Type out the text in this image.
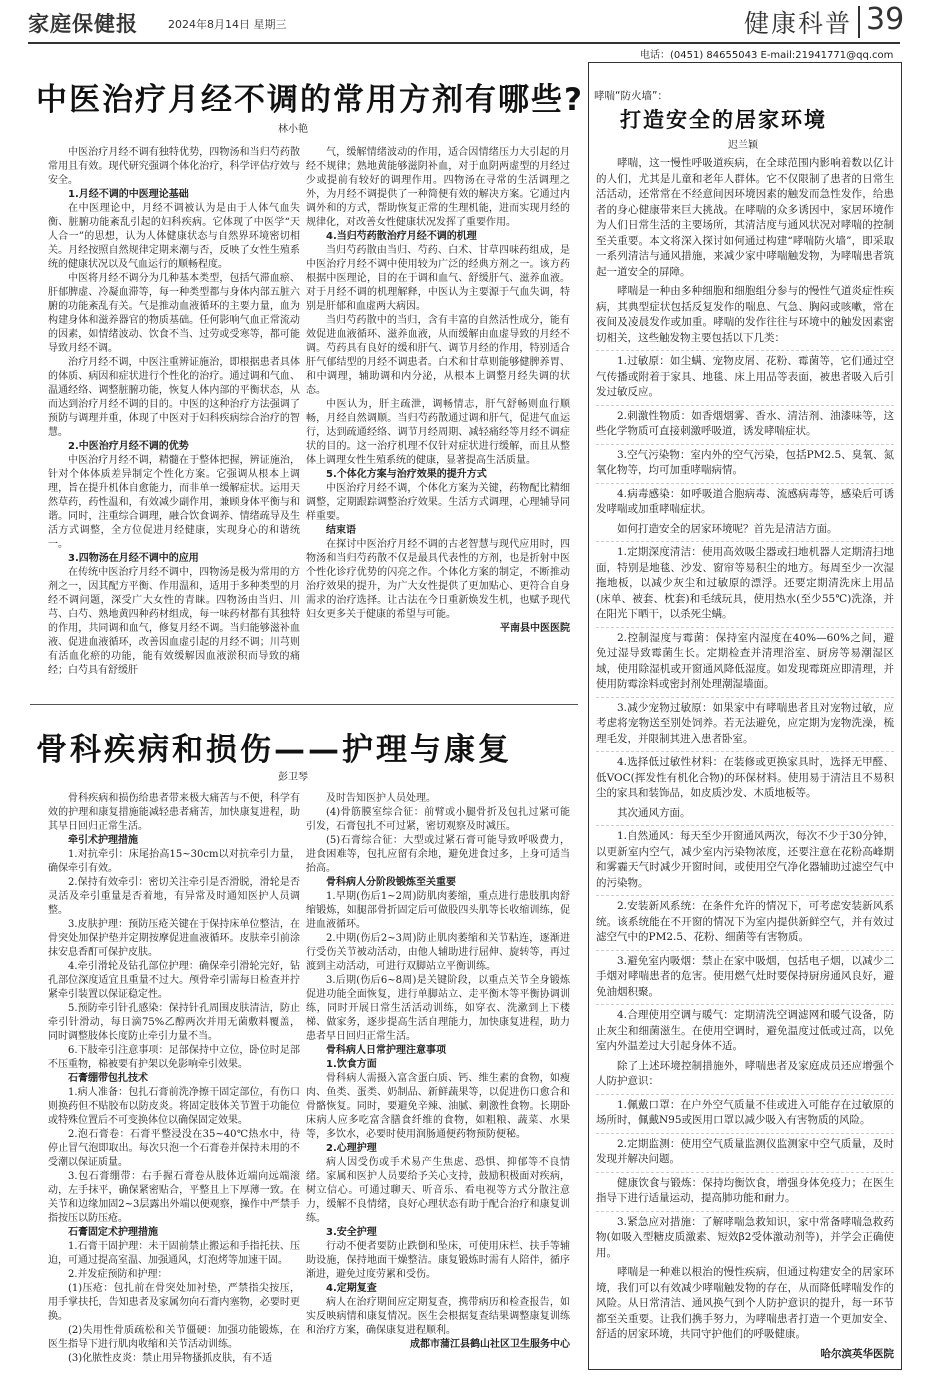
家庭保健报	2024年8月14日 星期三	健康科普 39
电话：(0451) 84655043 E-mail:21941771@qq.com
中医治疗月经不调的常用方剂有哪些?
林小艳

中医治疗月经不调有独特优势，四物汤和当归芍药散常用且有效。现代研究强调个体化治疗，科学评估疗效与安全。

1.月经不调的中医理论基础

在中医理论中，月经不调被认为是由于人体气血失衡、脏腑功能紊乱引起的妇科疾病。它体现了中医学“天人合一”的思想，认为人体健康状态与自然界环境密切相关。月经按照自然规律定期来潮与否，反映了女性生殖系统的健康状况以及气血运行的顺畅程度。

中医将月经不调分为几种基本类型，包括气滞血瘀、肝郁脾虚、冷凝血滞等，每一种类型都与身体内部五脏六腑的功能紊乱有关。气是推动血液循环的主要力量，血为构建身体和滋养器官的物质基础。任何影响气血正常流动的因素，如情绪波动、饮食不当、过劳或受寒等，都可能导致月经不调。

治疗月经不调，中医注重辨证施治，即根据患者具体的体质、病因和症状进行个性化的治疗。通过调和气血、温通经络、调整脏腑功能，恢复人体内部的平衡状态，从而达到治疗月经不调的目的。中医的这种治疗方法强调了预防与调理并重，体现了中医对于妇科疾病综合治疗的智慧。

2.中医治疗月经不调的优势

中医治疗月经不调，精髓在于整体把握，辨证施治，针对个体体质差异制定个性化方案。它强调从根本上调理，旨在提升机体自愈能力，而非单一缓解症状。运用天然草药，药性温和，有效减少副作用，兼顾身体平衡与和谐。同时，注重综合调理，融合饮食调养、情绪疏导及生活方式调整，全方位促进月经健康，实现身心的和谐统一。

3.四物汤在月经不调中的应用

在传统中医治疗月经不调中，四物汤是极为常用的方剂之一，因其配方平衡、作用温和，适用于多种类型的月经不调问题，深受广大女性的青睐。四物汤由当归、川芎、白芍、熟地黄四种药材组成，每一味药材都有其独特的作用，共同调和血气，修复月经不调。当归能够滋补血液、促进血液循环，改善因血虚引起的月经不调；川芎则有活血化瘀的功能，能有效缓解因血液淤积而导致的痛经；白芍具有舒缓肝

气，缓解情绪波动的作用，适合因情绪压力大引起的月经不规律；熟地黄能够滋阴补血，对于血阴两虚型的月经过少或提前有较好的调理作用。四物汤在寻常的生活调理之外，为月经不调提供了一种简便有效的解决方案。它通过内调外和的方式，帮助恢复正常的生理机能，进而实现月经的规律化，对改善女性健康状况发挥了重要作用。

4.当归芍药散治疗月经不调的机理

当归芍药散由当归、芍药、白术、甘草四味药组成，是中医治疗月经不调中使用较为广泛的经典方剂之一。该方药根据中医理论，目的在于调和血气、舒缓肝气、滋养血液。对于月经不调的机理解释，中医认为主要源于气血失调，特别是肝郁和血虚两大病因。

当归芍药散中的当归，含有丰富的自然活性成分，能有效促进血液循环、滋养血液，从而缓解由血虚导致的月经不调。芍药具有良好的缓和肝气、调节月经的作用，特别适合肝气郁结型的月经不调患者。白术和甘草则能够健脾养胃、和中调理，辅助调和内分泌，从根本上调整月经失调的状态。

中医认为，肝主疏泄，调畅情志，肝气舒畅则血行顺畅，月经自然调顺。当归芍药散通过调和肝气，促进气血运行，达到疏通经络、调节月经周期、减轻痛经等月经不调症状的目的。这一治疗机理不仅针对症状进行缓解，而且从整体上调理女性生殖系统的健康，显著提高生活质量。

5.个体化方案与治疗效果的提升方式

中医治疗月经不调，个体化方案为关键，药物配比精细调整，定期跟踪调整治疗效果。生活方式调理，心理辅导同样重要。

结束语

在探讨中医治疗月经不调的古老智慧与现代应用时，四物汤和当归芍药散不仅是最具代表性的方剂，也是折射中医个性化诊疗优势的闪亮之作。个体化方案的制定，不断推动治疗效果的提升，为广大女性提供了更加贴心、更符合自身需求的治疗选择。让古法在今日重新焕发生机，也赋予现代妇女更多关于健康的希望与可能。

平南县中医医院

骨科疾病和损伤——护理与康复
彭卫琴

骨科疾病和损伤给患者带来极大痛苦与不便，科学有效的护理和康复措施能减轻患者痛苦，加快康复进程，助其早日回归正常生活。

牵引术护理措施

1.对抗牵引：床尾抬高15~30cm以对抗牵引力量，确保牵引有效。

2.保持有效牵引：密切关注牵引是否滑脱，滑轮是否灵活及牵引重量是否着地，有异常及时通知医护人员调整。

3.皮肤护理：预防压疮关键在于保持床单位整洁，在骨突处加保护垫并定期按摩促进血液循环。皮肤牵引前涂抹安息香酊可保护皮肤。

4.牵引滑轮及钻孔部位护理：确保牵引滑轮完好，钻孔部位深度适宜且重量不过大。颅骨牵引需每日检查并拧紧牵引装置以保证稳定性。

5.预防牵引针孔感染：保持针孔周围皮肤清洁，防止牵引针滑动，每日滴75%乙醇两次并用无菌敷料覆盖，同时调整肢体长度防止牵引力量不当。

6.下肢牵引注意事项：足部保持中立位，卧位时足部不压重物，棉被要有护架以免影响牵引效果。

石膏绷带包扎技术

1.病人准备：包扎石膏前洗净擦干固定部位，有伤口则换药但不贴胶布以防皮炎。将固定肢体关节置于功能位或特殊位置后不可变换体位以确保固定效果。

2.泡石膏卷：石膏平整浸没在35~40℃热水中，待停止冒气泡即取出。每次只泡一个石膏卷并保持未用的不受潮以保证质量。

3.包石膏绷带：右手握石膏卷从肢体近端向远端滚动，左手抹平，确保紧密贴合，平整且上下厚薄一致。在关节和边缘加固2~3层露出外端以便观察，操作中严禁手指按压以防压疮。

石膏固定术护理措施

1.石膏干固护理：未干固前禁止搬运和手指托扶、压迫，可通过提高室温、加强通风，灯泡烤等加速干固。

2.并发症预防和护理：

(1)压疮：包扎前在骨突处加衬垫，严禁指尖按压，用手掌扶托，告知患者及家属勿向石膏内塞物，必要时更换。

(2)失用性骨质疏松和关节僵硬：加强功能锻炼，在医生指导下进行肌肉收缩和关节活动训练。

(3)化脓性皮炎：禁止用异物搔抓皮肤，有不适

及时告知医护人员处理。

(4)骨筋膜室综合征：前臂或小腿骨折及包扎过紧可能引发，石膏包扎不可过紧，密切观察及时减压。

(5)石膏综合征：大型或过紧石膏可能导致呼吸费力，进食困难等，包扎应留有余地，避免进食过多，上身可适当抬高。

骨科病人分阶段锻炼至关重要

1.早期(伤后1~2周)防肌肉萎缩，重点进行患肢肌肉舒缩锻炼，如腿部骨折固定后可做股四头肌等长收缩训练，促进血液循环。

2.中期(伤后2~3周)防止肌肉萎缩和关节粘连，逐渐进行受伤关节被动活动，由他人辅助进行屈伸、旋转等，再过渡到主动活动，可进行双脚站立平衡训练。

3.后期(伤后6~8周)是关键阶段，以重点关节全身锻炼促进功能全面恢复，进行单脚站立、走平衡木等平衡协调训练，同时开展日常生活活动训练，如穿衣、洗漱到上下楼梯、做家务，逐步提高生活自理能力，加快康复进程，助力患者早日回归正常生活。

骨科病人日常护理注意事项

1.饮食方面

骨科病人需摄入富含蛋白质、钙、维生素的食物，如瘦肉、鱼类、蛋类、奶制品、新鲜蔬果等，以促进伤口愈合和骨骼恢复。同时，要避免辛辣、油腻、刺激性食物。长期卧床病人应多吃富含膳食纤维的食物，如粗粮、蔬菜、水果等，多饮水，必要时使用润肠通便药物预防便秘。

2.心理护理

病人因受伤或手术易产生焦虑、恐惧、抑郁等不良情绪。家属和医护人员要给予关心支持，鼓励积极面对疾病，树立信心。可通过聊天、听音乐、看电视等方式分散注意力，缓解不良情绪，良好心理状态有助于配合治疗和康复训练。

3.安全护理

行动不便者要防止跌倒和坠床，可使用床栏、扶手等辅助设施，保持地面干燥整洁。康复锻炼时需有人陪伴，循序渐进，避免过度劳累和受伤。

4.定期复查

病人在治疗期间应定期复查，携带病历和检查报告，如实反映病情和康复情况。医生会根据复查结果调整康复训练和治疗方案，确保康复进程顺利。

成都市蒲江县鹤山社区卫生服务中心

哮喘“防火墙”：
打造安全的居家环境
迟兰颖

哮喘，这一慢性呼吸道疾病，在全球范围内影响着数以亿计的人们，尤其是儿童和老年人群体。它不仅限制了患者的日常生活活动，还常常在不经意间因环境因素的触发而急性发作，给患者的身心健康带来巨大挑战。在哮喘的众多诱因中，家居环境作为人们日常生活的主要场所，其清洁度与通风状况对哮喘的控制至关重要。本文将深入探讨如何通过构建“哮喘防火墙”，即采取一系列清洁与通风措施，来减少家中哮喘触发物，为哮喘患者筑起一道安全的屏障。

哮喘是一种由多种细胞和细胞组分参与的慢性气道炎症性疾病，其典型症状包括反复发作的喘息、气急、胸闷或咳嗽，常在夜间及凌晨发作或加重。哮喘的发作往往与环境中的触发因素密切相关，这些触发物主要包括以下几类：

1.过敏原：如尘螨、宠物皮屑、花粉、霉菌等，它们通过空气传播或附着于家具、地毯、床上用品等表面，被患者吸入后引发过敏反应。

2.刺激性物质：如香烟烟雾、香水、清洁剂、油漆味等，这些化学物质可直接刺激呼吸道，诱发哮喘症状。

3.空气污染物：室内外的空气污染，包括PM2.5、臭氧、氮氧化物等，均可加重哮喘病情。

4.病毒感染：如呼吸道合胞病毒、流感病毒等，感染后可诱发哮喘或加重哮喘症状。

如何打造安全的居家环境呢？首先是清洁方面。

1.定期深度清洁：使用高效吸尘器或扫地机器人定期清扫地面，特别是地毯、沙发、窗帘等易积尘的地方。每周至少一次湿拖地板，以减少灰尘和过敏原的漂浮。还要定期清洗床上用品(床单、被套、枕套)和毛绒玩具，使用热水(至少55℃)洗涤，并在阳光下晒干，以杀死尘螨。

2.控制湿度与霉菌：保持室内湿度在40%—60%之间，避免过湿导致霉菌生长。定期检查并清理浴室、厨房等易潮湿区域，使用除湿机或开窗通风降低湿度。如发现霉斑应即清理，并使用防霉涂料或密封剂处理潮湿墙面。

3.减少宠物过敏原：如果家中有哮喘患者且对宠物过敏，应考虑将宠物送至别处饲养。若无法避免，应定期为宠物洗澡，梳理毛发，并限制其进入患者卧室。

4.选择低过敏性材料：在装修或更换家具时，选择无甲醛、低VOC(挥发性有机化合物)的环保材料。使用易于清洁且不易积尘的家具和装饰品，如皮质沙发、木质地板等。

其次通风方面。

1.自然通风：每天至少开窗通风两次，每次不少于30分钟，以更新室内空气，减少室内污染物浓度，还要注意在花粉高峰期和雾霾天气时减少开窗时间，或使用空气净化器辅助过滤空气中的污染物。

2.安装新风系统：在条件允许的情况下，可考虑安装新风系统。该系统能在不开窗的情况下为室内提供新鲜空气，并有效过滤空气中的PM2.5、花粉、细菌等有害物质。

3.避免室内吸烟：禁止在家中吸烟，包括电子烟，以减少二手烟对哮喘患者的危害。使用燃气灶时要保持厨房通风良好，避免油烟积聚。

4.合理使用空调与暖气：定期清洗空调滤网和暖气设备，防止灰尘和细菌滋生。在使用空调时，避免温度过低或过高，以免室内外温差过大引起身体不适。

除了上述环境控制措施外，哮喘患者及家庭成员还应增强个人防护意识：

1.佩戴口罩：在户外空气质量不佳或进入可能存在过敏原的场所时，佩戴N95或医用口罩以减少吸入有害物质的风险。

2.定期监测：使用空气质量监测仪监测家中空气质量，及时发现并解决问题。

健康饮食与锻炼：保持均衡饮食，增强身体免疫力；在医生指导下进行适量运动，提高肺功能和耐力。

3.紧急应对措施：了解哮喘急救知识，家中常备哮喘急救药物(如吸入型糖皮质激素、短效β2受体激动剂等)，并学会正确使用。

哮喘是一种难以根治的慢性疾病，但通过构建安全的居家环境，我们可以有效减少哮喘触发物的存在，从而降低哮喘发作的风险。从日常清洁、通风换气到个人防护意识的提升，每一环节都至关重要。让我们携手努力，为哮喘患者打造一个更加安全、舒适的居家环境，共同守护他们的呼吸健康。

哈尔滨英华医院
